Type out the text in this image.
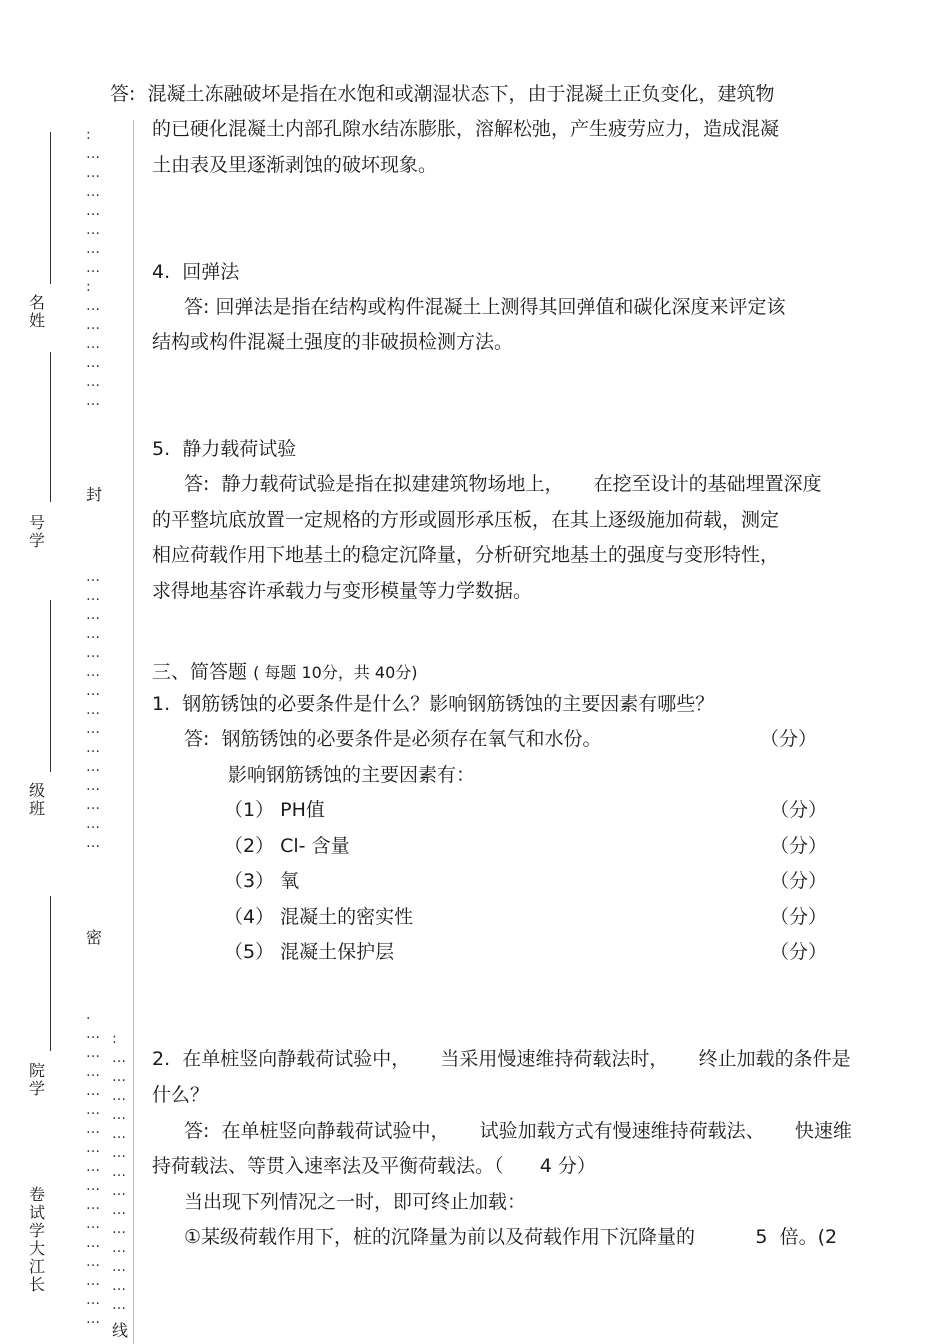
名
姓
号
学
级
班
院
学
卷
试
学
大
江
长
:
…
…
…
…
…
…
…
:
…
…
…
…
…
…
封
…
…
…
…
…
…
…
…
…
…
…
…
…
…
…
密
.
…
…
…
…
…
…
…
…
…
…
…
…
…
…
…
…
:
…
…
…
…
…
…
…
…
…
…
…
…
…
…
线
答:  混凝土冻融破坏是指在水饱和或潮湿状态下，由于混凝土正负变化，建筑物
的已硬化混凝土内部孔隙水结冻膨胀，溶解松弛，产生疲劳应力，造成混凝
土由表及里逐渐剥蚀的破坏现象。
4.  回弹法
答: 回弹法是指在结构或构件混凝土上测得其回弹值和碳化深度来评定该
结构或构件混凝土强度的非破损检测方法。
5.  静力载荷试验
答:  静力载荷试验是指在拟建建筑物场地上，     在挖至设计的基础埋置深度
的平整坑底放置一定规格的方形或圆形承压板，在其上逐级施加荷载，测定
相应荷载作用下地基土的稳定沉降量，分析研究地基土的强度与变形特性，
求得地基容许承载力与变形模量等力学数据。
三、简答题 ( 每题 10分，共 40分)
1.  钢筋锈蚀的必要条件是什么？影响钢筋锈蚀的主要因素有哪些？
答:  钢筋锈蚀的必要条件是必须存在氧气和水份。	（分）
影响钢筋锈蚀的主要因素有：
（1） PH值	（分）
（2） Cl- 含量	（分）
（3） 氧	（分）
（4） 混凝土的密实性	（分）
（5） 混凝土保护层	（分）
2.  在单桩竖向静载荷试验中，     当采用慢速维持荷载法时，     终止加载的条件是
什么？
答:  在单桩竖向静载荷试验中，     试验加载方式有慢速维持荷载法、     快速维
持荷载法、等贯入速率法及平衡荷载法。（      4 分）
当出现下列情况之一时，即可终止加载：
①某级荷载作用下，桩的沉降量为前以及荷载作用下沉降量的          5  倍。(2
